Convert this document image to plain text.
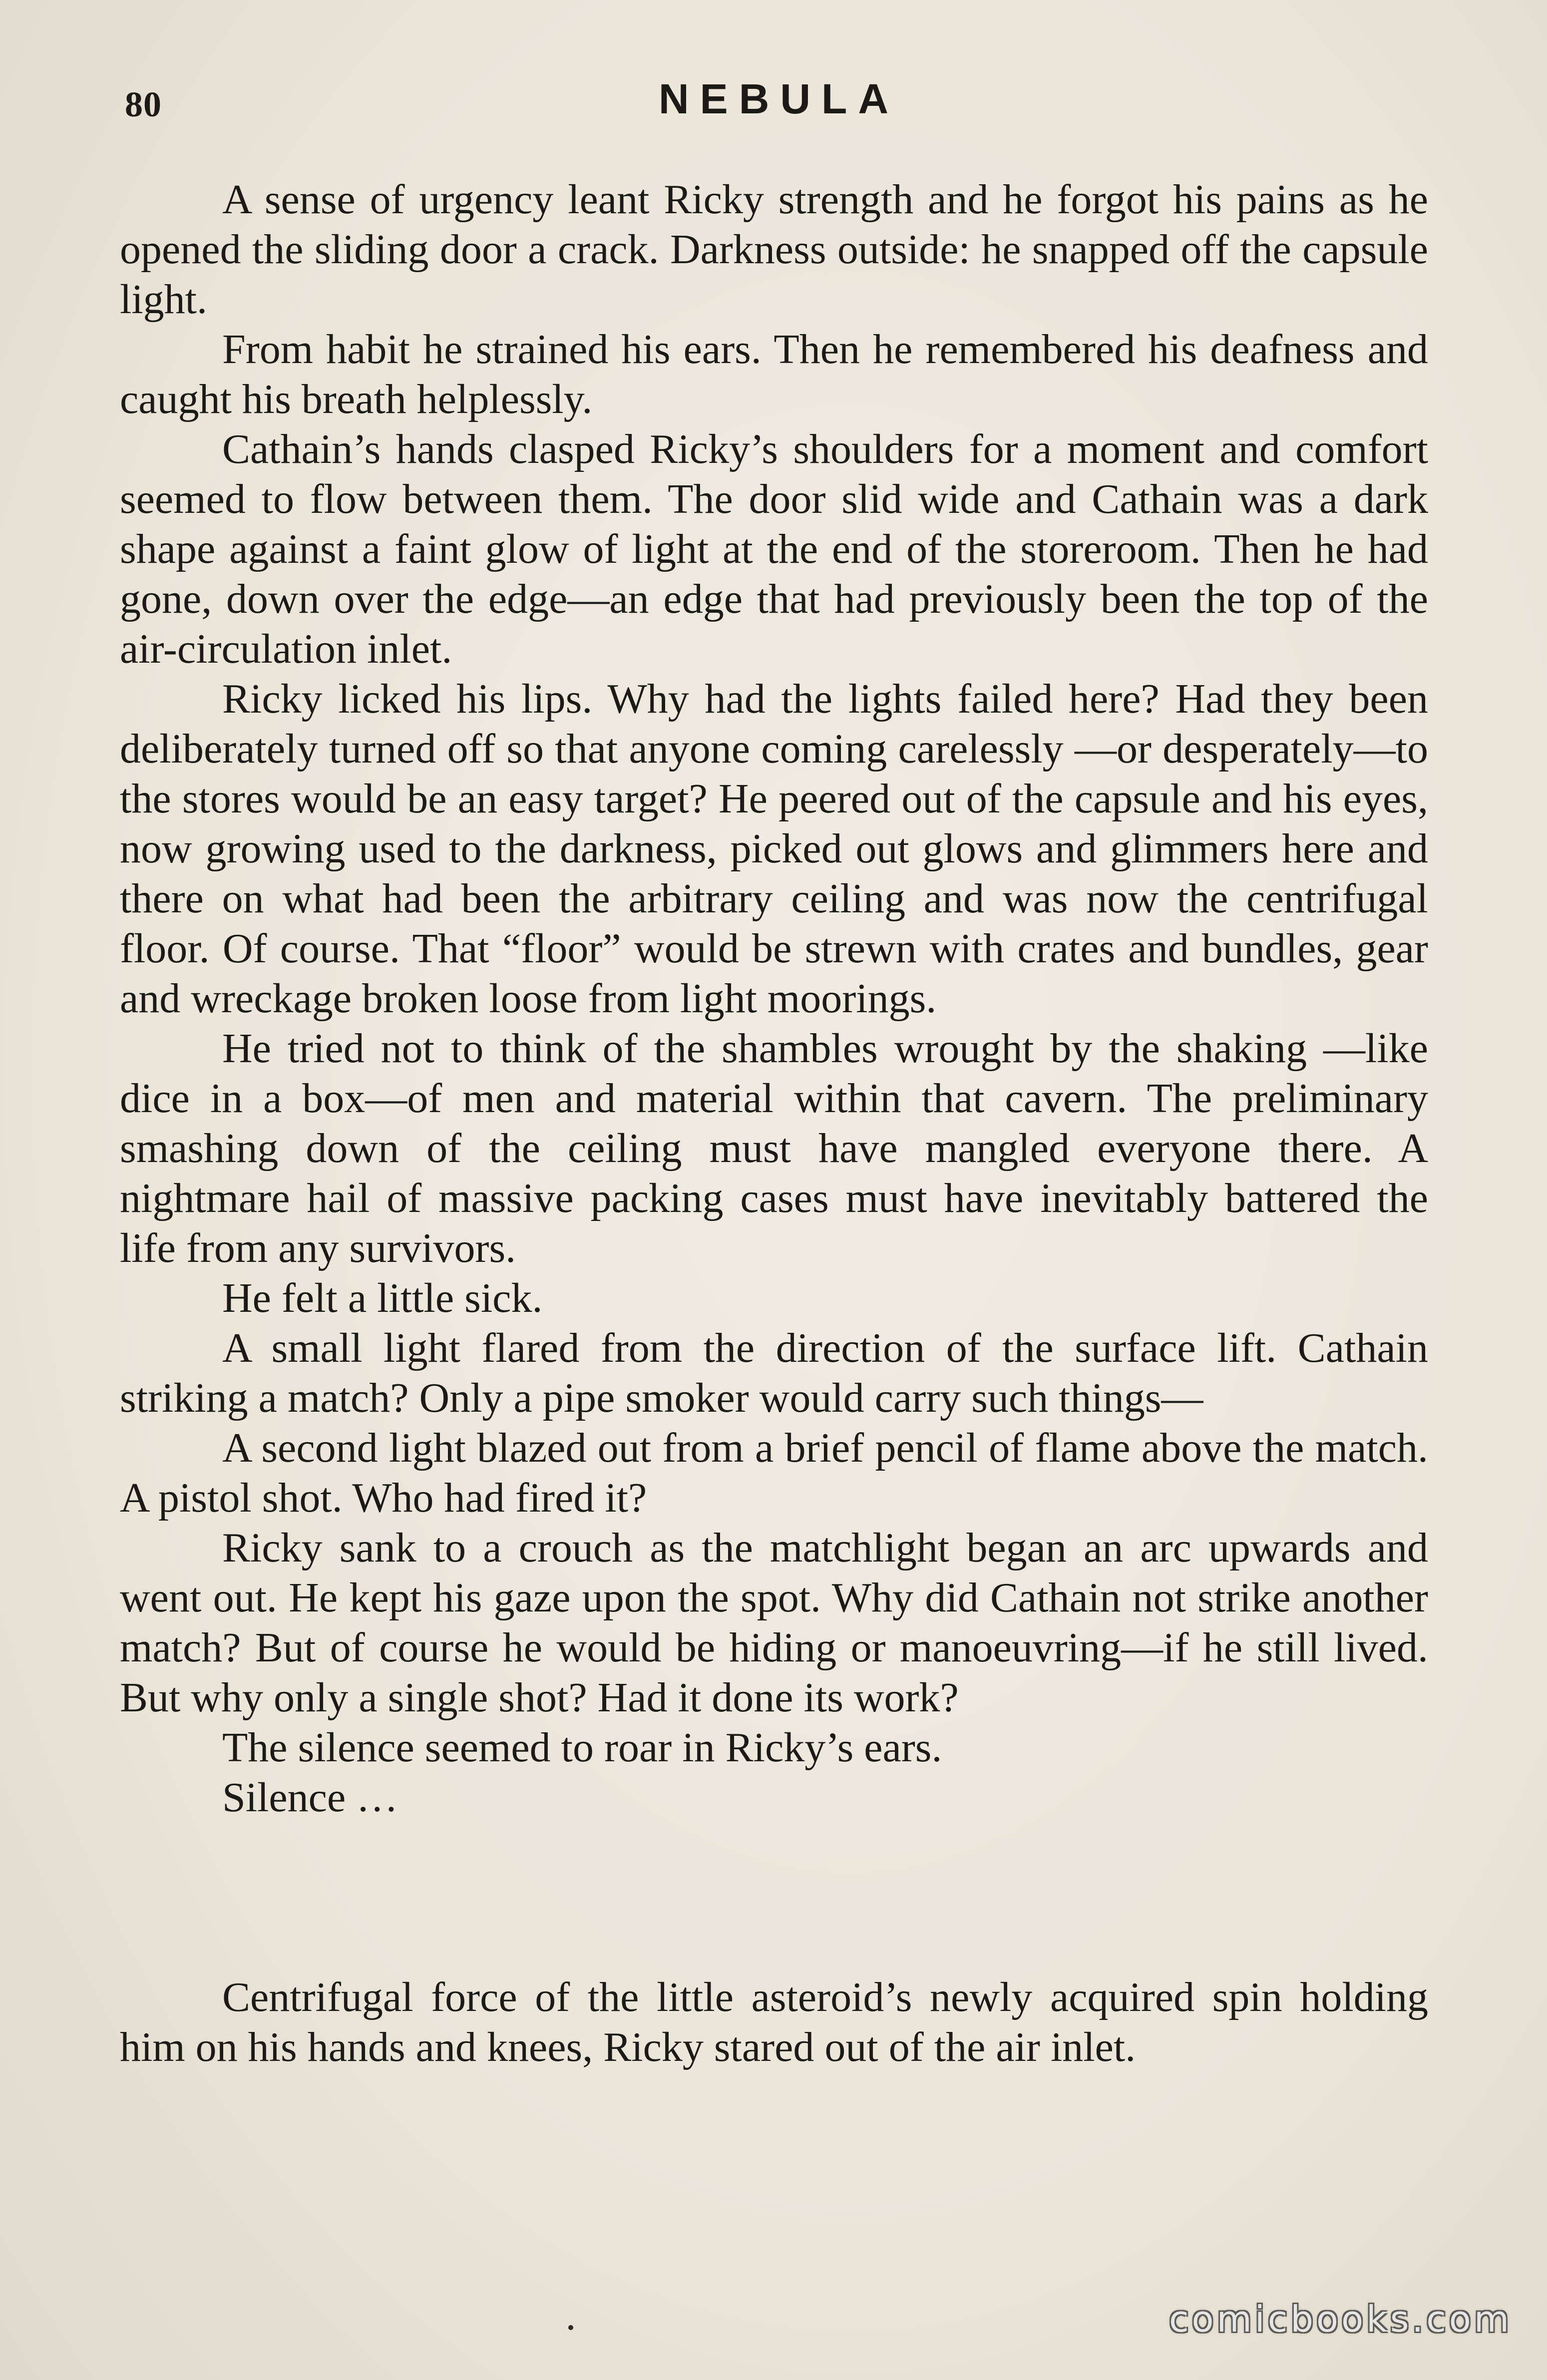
80	NEBULA

A sense of urgency leant Ricky strength and he forgot his pains as he opened the sliding door a crack. Darkness outside: he snapped off the capsule light.

From habit he strained his ears. Then he remembered his deafness and caught his breath helplessly.

Cathain’s hands clasped Ricky’s shoulders for a moment and comfort seemed to flow between them. The door slid wide and Cathain was a dark shape against a faint glow of light at the end of the storeroom. Then he had gone, down over the edge—an edge that had previously been the top of the air-circulation inlet.

Ricky licked his lips. Why had the lights failed here? Had they been deliberately turned off so that anyone coming carelessly —or desperately—to the stores would be an easy target? He peered out of the capsule and his eyes, now growing used to the darkness, picked out glows and glimmers here and there on what had been the arbitrary ceiling and was now the centrifugal floor. Of course. That “floor” would be strewn with crates and bundles, gear and wreckage broken loose from light moorings.

He tried not to think of the shambles wrought by the shaking —like dice in a box—of men and material within that cavern. The preliminary smashing down of the ceiling must have mangled everyone there. A nightmare hail of massive packing cases must have inevitably battered the life from any survivors.

He felt a little sick.

A small light flared from the direction of the surface lift. Cathain striking a match? Only a pipe smoker would carry such things—

A second light blazed out from a brief pencil of flame above the match. A pistol shot. Who had fired it?

Ricky sank to a crouch as the matchlight began an arc upwards and went out. He kept his gaze upon the spot. Why did Cathain not strike another match? But of course he would be hiding or manoeuvring—if he still lived. But why only a single shot? Had it done its work?

The silence seemed to roar in Ricky’s ears.

Silence …

Centrifugal force of the little asteroid’s newly acquired spin holding him on his hands and knees, Ricky stared out of the air inlet.

comicbooks.com
